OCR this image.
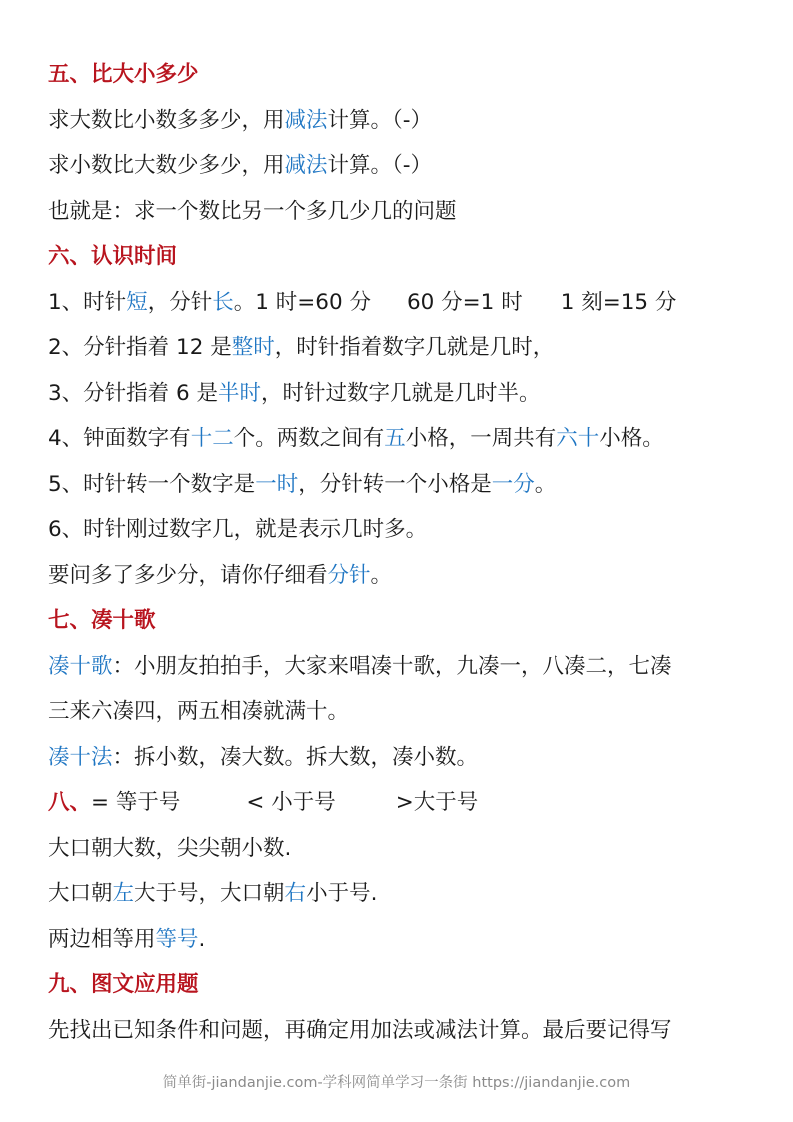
五、比大小多少
求大数比小数多多少，用减法计算。（-）
求小数比大数少多少，用减法计算。（-）
也就是：求一个数比另一个多几少几的问题
六、认识时间
1、时针短，分针长。1 时=60 分 60 分=1 时 1 刻=15 分
2、分针指着 12 是整时，时针指着数字几就是几时，
3、分针指着 6 是半时，时针过数字几就是几时半。
4、钟面数字有十二个。两数之间有五小格，一周共有六十小格。
5、时针转一个数字是一时，分针转一个小格是一分。
6、时针刚过数字几，就是表示几时多。
要问多了多少分，请你仔细看分针。
七、凑十歌
凑十歌：小朋友拍拍手，大家来唱凑十歌，九凑一，八凑二，七凑
三来六凑四，两五相凑就满十。
凑十法：拆小数，凑大数。拆大数，凑小数。
八、= 等于号	< 小于号	>大于号
大口朝大数，尖尖朝小数.
大口朝左大于号，大口朝右小于号.
两边相等用等号.
九、图文应用题
先找出已知条件和问题，再确定用加法或减法计算。最后要记得写
简单街-jiandanjie.com-学科网简单学习一条街 https://jiandanjie.com
